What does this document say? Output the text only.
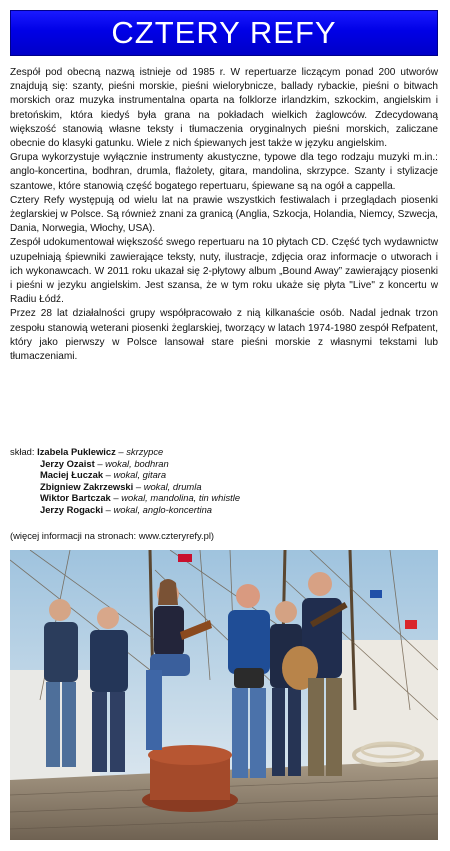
CZTERY REFY

Zespół pod obecną nazwą istnieje od 1985 r. W repertuarze liczącym ponad 200 utworów znajdują się: szanty, pieśni morskie, pieśni wielorybnicze, ballady rybackie, pieśni o bitwach morskich oraz muzyka instrumentalna oparta na folklorze irlandzkim, szkockim, angielskim i bretońskim, która kiedyś była grana na pokładach wielkich żaglowców. Zdecydowaną większość stanowią własne teksty i tłumaczenia oryginalnych pieśni morskich, zaliczane obecnie do klasyki gatunku. Wiele z nich śpiewanych jest także w języku angielskim.

Grupa wykorzystuje wyłącznie instrumenty akustyczne, typowe dla tego rodzaju muzyki m.in.: anglo-koncertina, bodhran, drumla, flażolety, gitara, mandolina, skrzypce. Szanty i stylizacje szantowe, które stanowią część bogatego repertuaru, śpiewane są na ogół a cappella.

Cztery Refy występują od wielu lat na prawie wszystkich festiwalach i przeglądach piosenki żeglarskiej w Polsce. Są również znani za granicą (Anglia, Szkocja, Holandia, Niemcy, Szwecja, Dania, Norwegia, Włochy, USA).

Zespół udokumentował większość swego repertuaru na 10 płytach CD. Część tych wydawnictw uzupełniają śpiewniki zawierające teksty, nuty, ilustracje, zdjęcia oraz informacje o utworach i ich wykonawcach. W 2011 roku ukazał się 2-płytowy album „Bound Away” zawierający piosenki i pieśni w jezyku angielskim. Jest szansa, że w tym roku ukaże się płyta "Live" z koncertu w Radiu Łódź.

Przez 28 lat działalności grupy współpracowało z nią kilkanaście osób. Nadal jednak trzon zespołu stanowią weterani piosenki żeglarskiej, tworzący w latach 1974-1980 zespół Refpatent, który jako pierwszy w Polsce lansował stare pieśni morskie z własnymi tekstami lub tłumaczeniami.

skład: Izabela Puklewicz – skrzypce
Jerzy Ozaist – wokal, bodhran
Maciej Łuczak – wokal, gitara
Zbigniew Zakrzewski – wokal, drumla
Wiktor Bartczak – wokal, mandolina, tin whistle
Jerzy Rogacki – wokal, anglo-koncertina
(więcej informacji na stronach: www.czteryrefy.pl)
